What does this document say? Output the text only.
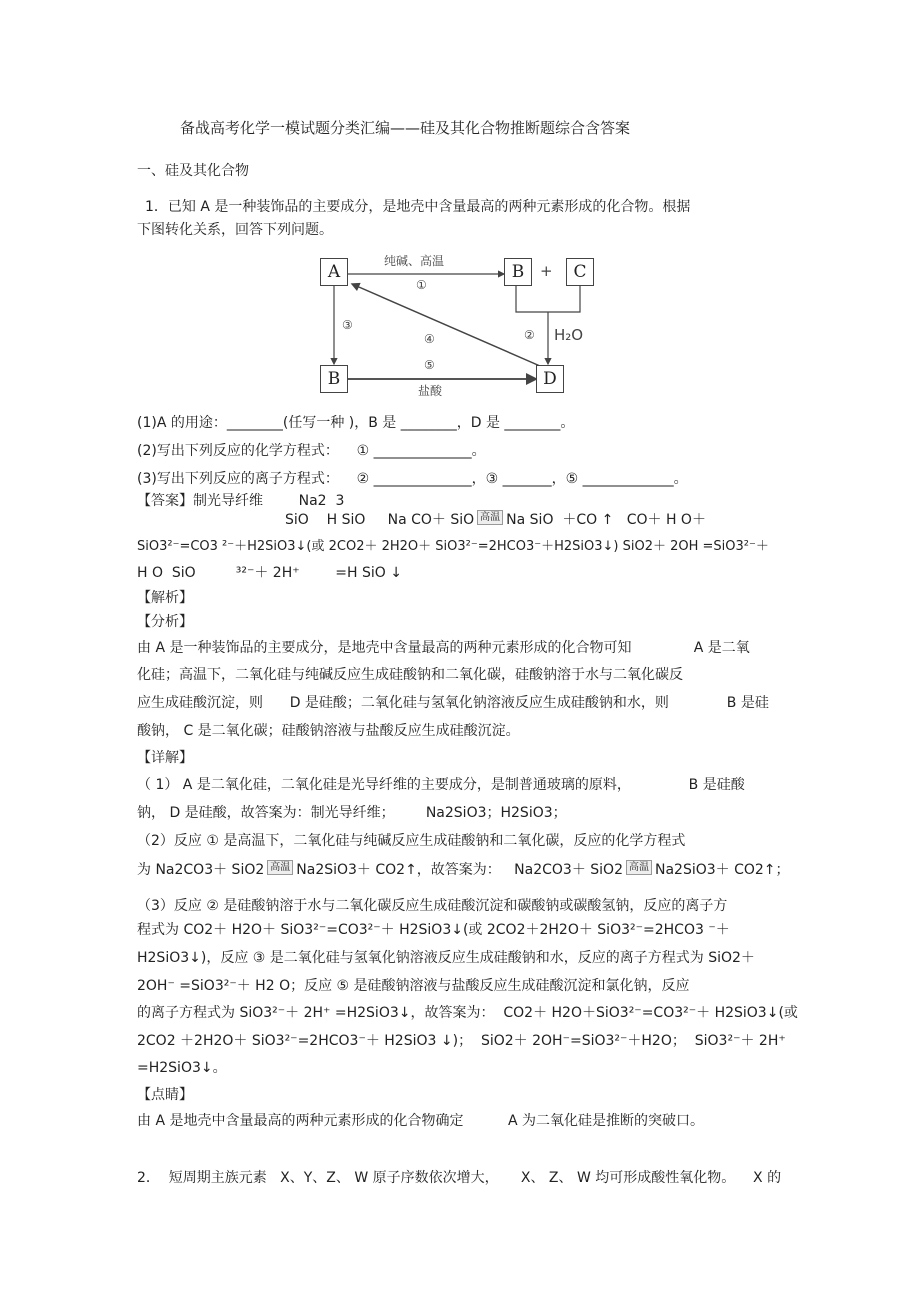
备战高考化学一模试题分类汇编——硅及其化合物推断题综合含答案
一、硅及其化合物
1．已知 A 是一种装饰品的主要成分，是地壳中含量最高的两种元素形成的化合物。根据
下图转化关系，回答下列问题。
A	B	+	C
B	D
纯碱、高温
①
③
④
⑤
② H₂O
盐酸
(1)A 的用途：________(任写一种 )，B 是 ________，D 是 ________。
(2)写出下列反应的化学方程式：    ① ______________。
(3)写出下列反应的离子方程式：    ② ______________，③ _______，⑤ _____________。
【答案】制光导纤维        Na2  3
SiO    H SiO     Na CO＋ SiO 高温 Na SiO  ＋CO ↑   CO＋ H O＋
SiO3²⁻=CO3 ²⁻＋H2SiO3↓(或 2CO2＋ 2H2O＋ SiO3²⁻=2HCO3⁻＋H2SiO3↓) SiO2＋ 2OH =SiO3²⁻＋
H O  SiO         ³²⁻＋ 2H⁺        =H SiO ↓
【解析】
【分析】
由 A 是一种装饰品的主要成分，是地壳中含量最高的两种元素形成的化合物可知              A 是二氧
化硅；高温下，二氧化硅与纯碱反应生成硅酸钠和二氧化碳，硅酸钠溶于水与二氧化碳反
应生成硅酸沉淀，则      D 是硅酸；二氧化硅与氢氧化钠溶液反应生成硅酸钠和水，则             B 是硅
酸钠， C 是二氧化碳；硅酸钠溶液与盐酸反应生成硅酸沉淀。
【详解】
（ 1） A 是二氧化硅，二氧化硅是光导纤维的主要成分，是制普通玻璃的原料，             B 是硅酸
钠， D 是硅酸，故答案为：制光导纤维；       Na2SiO3；H2SiO3；
（2）反应 ① 是高温下，二氧化硅与纯碱反应生成硅酸钠和二氧化碳，反应的化学方程式
为 Na2CO3＋ SiO2 高温 Na2SiO3＋ CO2↑，故答案为：   Na2CO3＋ SiO2 高温 Na2SiO3＋ CO2↑；
（3）反应 ② 是硅酸钠溶于水与二氧化碳反应生成硅酸沉淀和碳酸钠或碳酸氢钠，反应的离子方
程式为 CO2＋ H2O＋ SiO3²⁻=CO3²⁻＋ H2SiO3↓(或 2CO2＋2H2O＋ SiO3²⁻=2HCO3 ⁻＋
H2SiO3↓)，反应 ③ 是二氧化硅与氢氧化钠溶液反应生成硅酸钠和水，反应的离子方程式为 SiO2＋
2OH⁻ =SiO3²⁻＋ H2 O；反应 ⑤ 是硅酸钠溶液与盐酸反应生成硅酸沉淀和氯化钠，反应
的离子方程式为 SiO3²⁻＋ 2H⁺ =H2SiO3↓，故答案为：  CO2＋ H2O＋SiO3²⁻=CO3²⁻＋ H2SiO3↓(或
2CO2 ＋2H2O＋ SiO3²⁻=2HCO3⁻＋ H2SiO3 ↓)；  SiO2＋ 2OH⁻=SiO3²⁻＋H2O；  SiO3²⁻＋ 2H⁺
=H2SiO3↓。
【点睛】
由 A 是地壳中含量最高的两种元素形成的化合物确定          A 为二氧化硅是推断的突破口。
2．  短周期主族元素   X、Y、Z、 W 原子序数依次增大，     X、 Z、 W 均可形成酸性氧化物。    X 的
